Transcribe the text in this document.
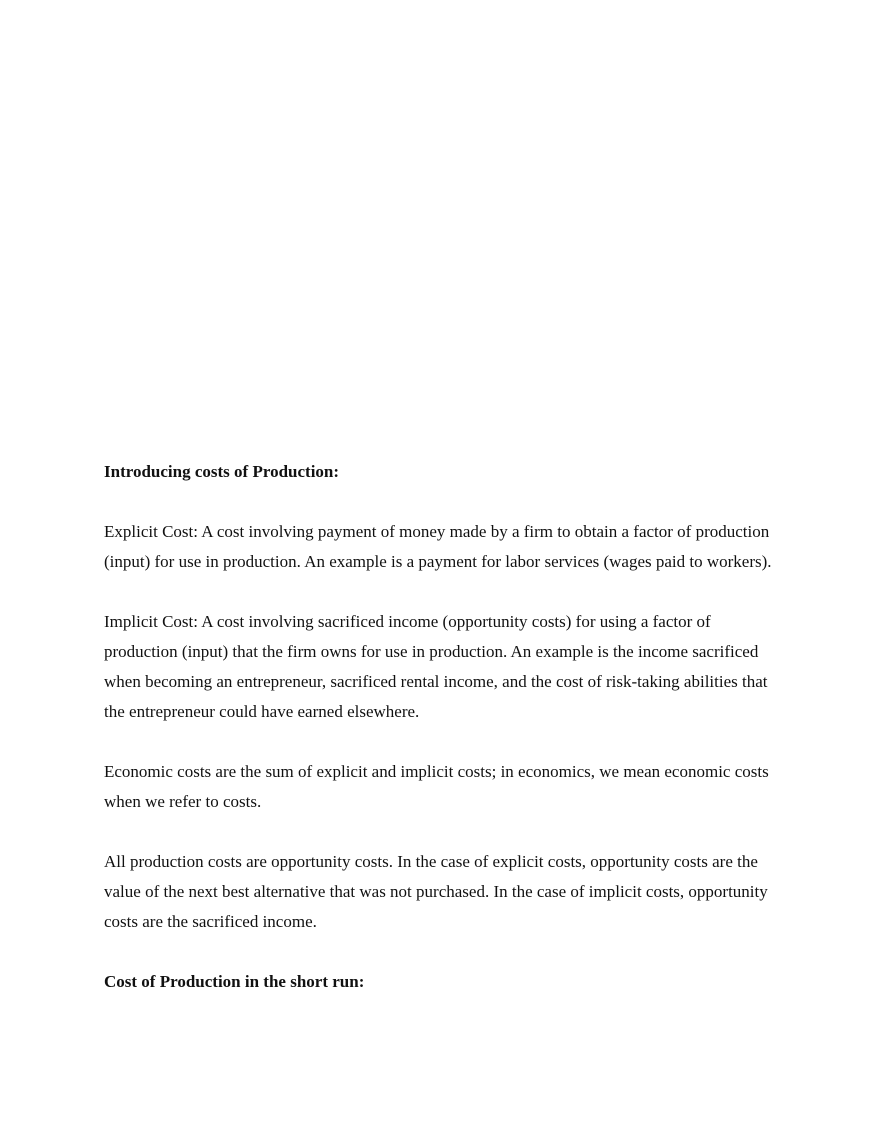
Introducing costs of Production:

Explicit Cost: A cost involving payment of money made by a firm to obtain a factor of production (input) for use in production. An example is a payment for labor services (wages paid to workers).

Implicit Cost: A cost involving sacrificed income (opportunity costs) for using a factor of production (input) that the firm owns for use in production. An example is the income sacrificed when becoming an entrepreneur, sacrificed rental income, and the cost of risk-taking abilities that the entrepreneur could have earned elsewhere.

Economic costs are the sum of explicit and implicit costs; in economics, we mean economic costs when we refer to costs.

All production costs are opportunity costs. In the case of explicit costs, opportunity costs are the value of the next best alternative that was not purchased. In the case of implicit costs, opportunity costs are the sacrificed income.

Cost of Production in the short run:
